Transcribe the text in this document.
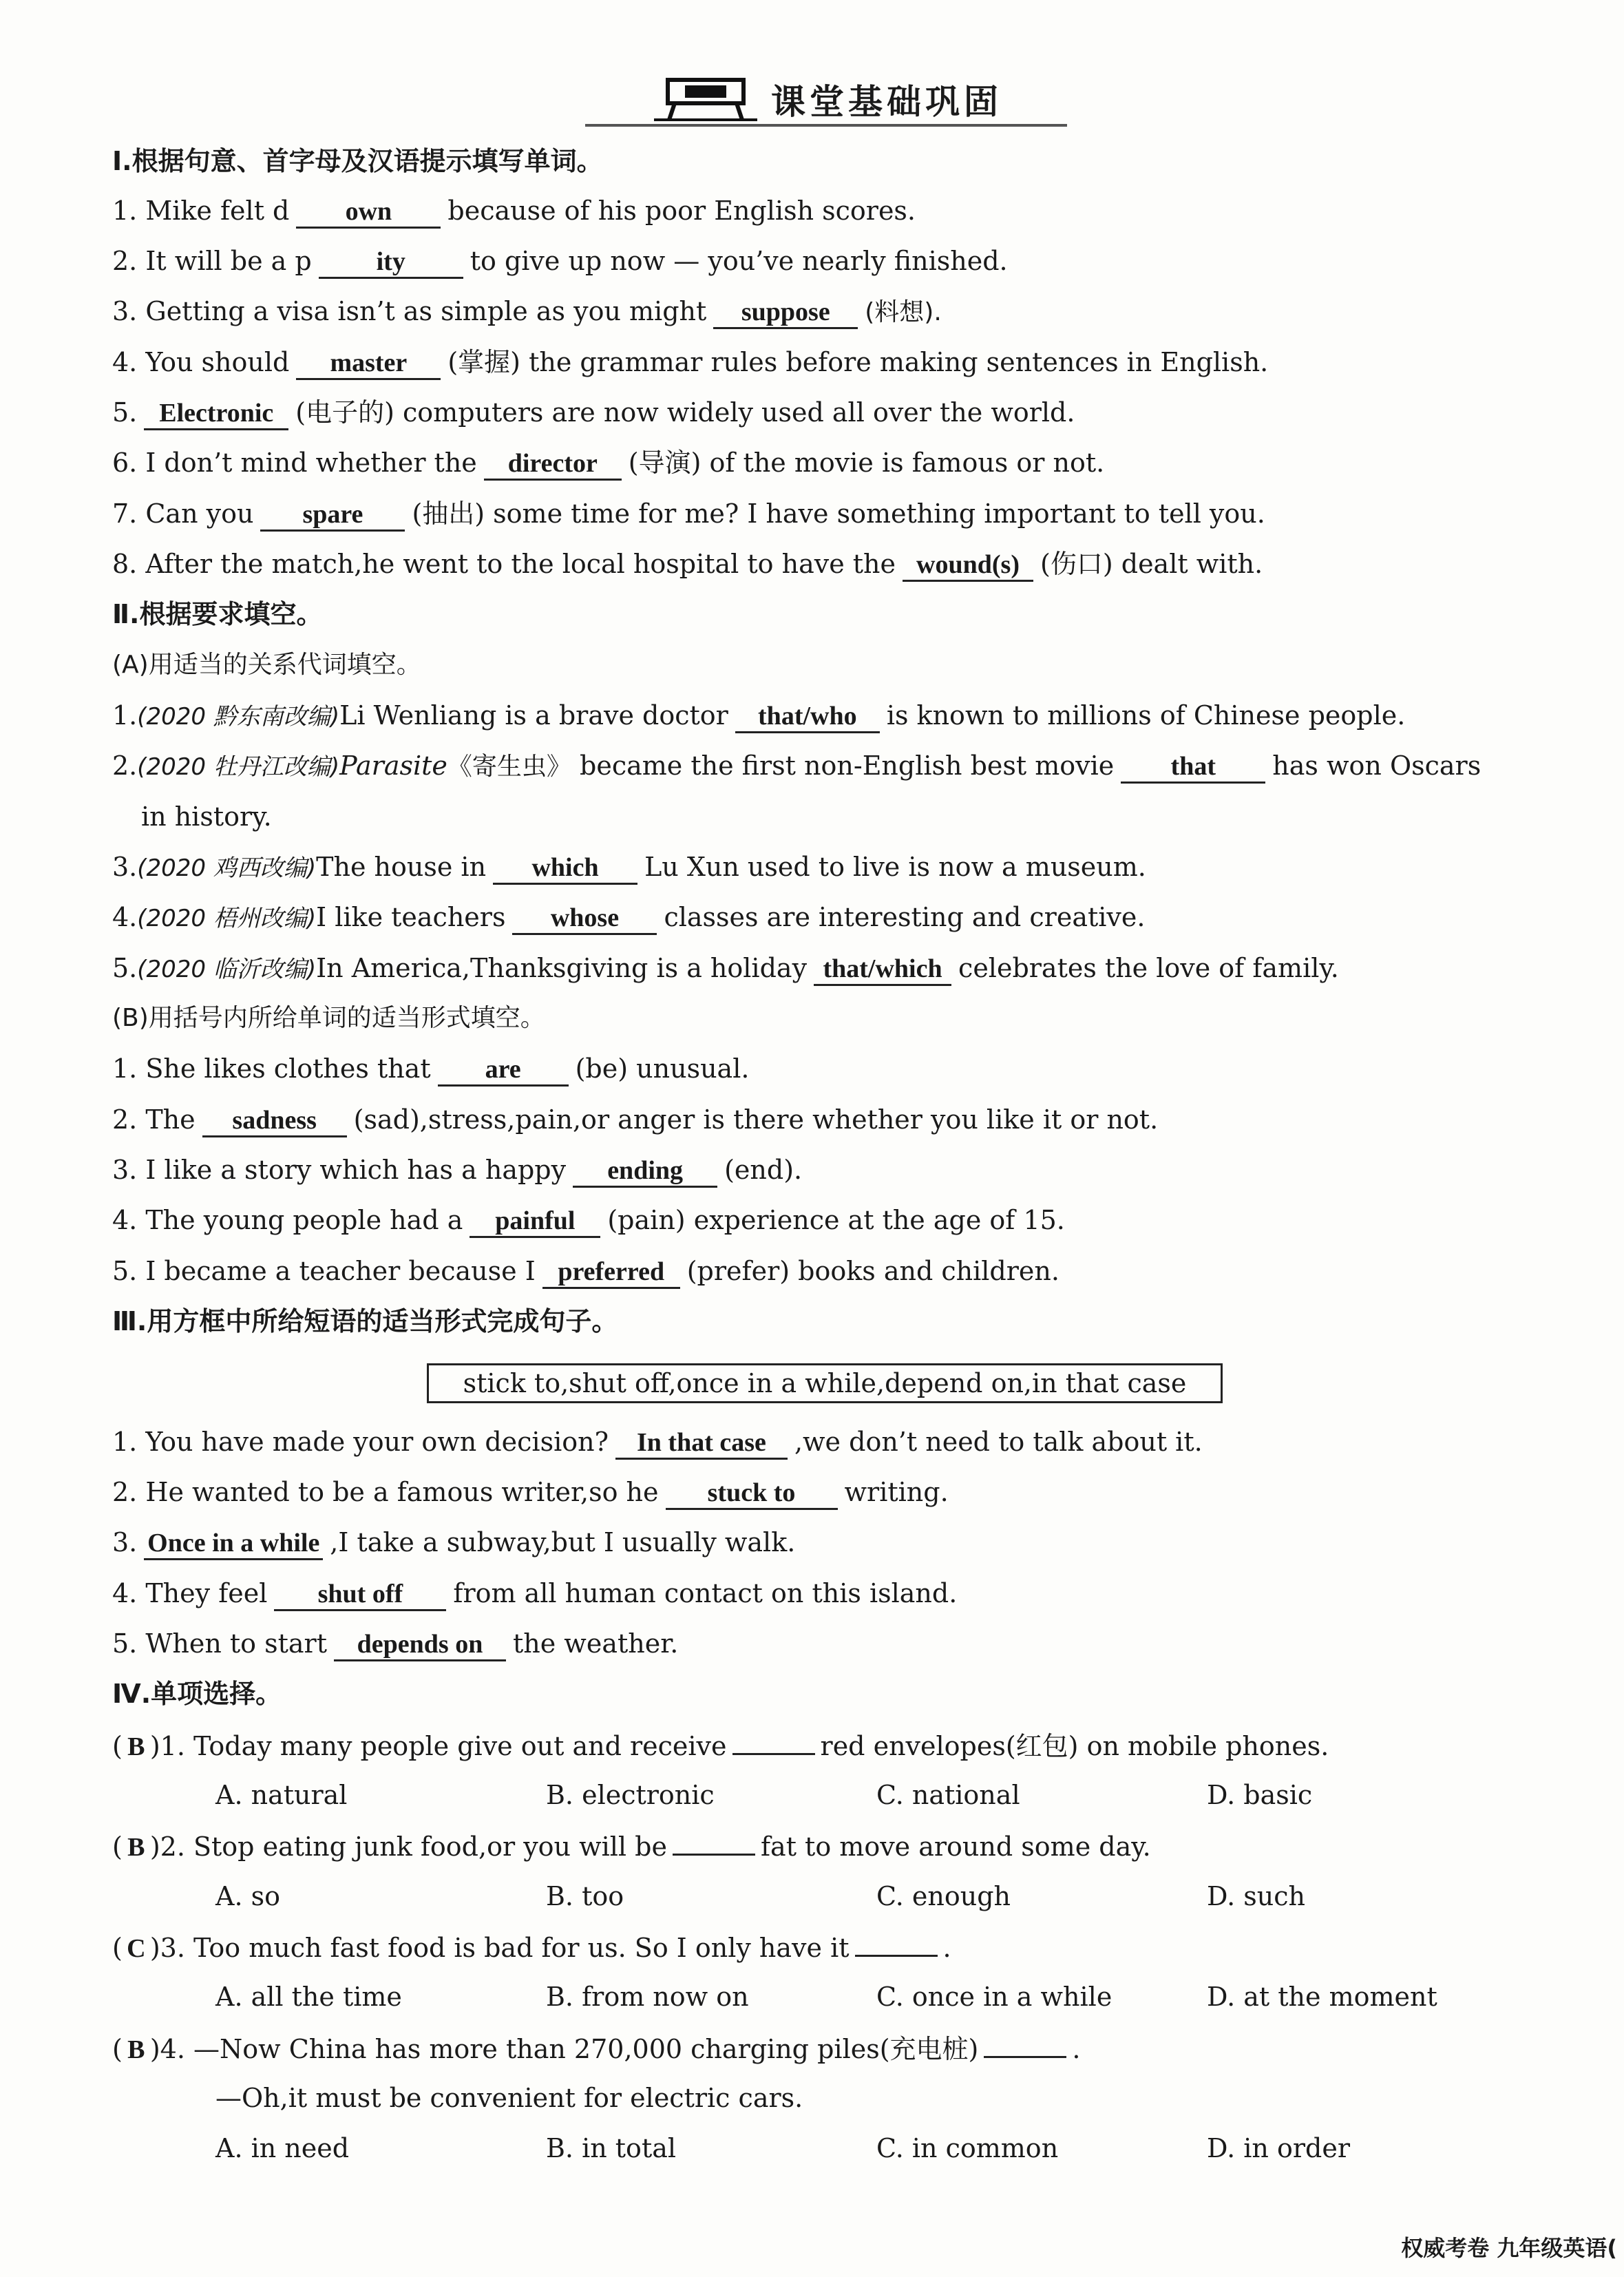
课堂基础巩固
Ⅰ.根据句意、首字母及汉语提示填写单词。
1. Mike felt d own because of his poor English scores.
2. It will be a p ity to give up now — you’ve nearly finished.
3. Getting a visa isn’t as simple as you might suppose (料想).
4. You should master (掌握) the grammar rules before making sentences in English.
5. Electronic (电子的) computers are now widely used all over the world.
6. I don’t mind whether the director (导演) of the movie is famous or not.
7. Can you spare (抽出) some time for me? I have something important to tell you.
8. After the match,he went to the local hospital to have the wound(s) (伤口) dealt with.
Ⅱ.根据要求填空。
(A)用适当的关系代词填空。
1.(2020 黔东南改编)Li Wenliang is a brave doctor that/who is known to millions of Chinese people.
2.(2020 牡丹江改编)Parasite《寄生虫》 became the first non-English best movie that has won Oscars
in history.
3.(2020 鸡西改编)The house in which Lu Xun used to live is now a museum.
4.(2020 梧州改编)I like teachers whose classes are interesting and creative.
5.(2020 临沂改编)In America,Thanksgiving is a holiday that/which celebrates the love of family.
(B)用括号内所给单词的适当形式填空。
1. She likes clothes that are (be) unusual.
2. The sadness (sad),stress,pain,or anger is there whether you like it or not.
3. I like a story which has a happy ending (end).
4. The young people had a painful (pain) experience at the age of 15.
5. I became a teacher because I preferred (prefer) books and children.
Ⅲ.用方框中所给短语的适当形式完成句子。
stick to,shut off,once in a while,depend on,in that case
1. You have made your own decision? In that case ,we don’t need to talk about it.
2. He wanted to be a famous writer,so he stuck to writing.
3. Once in a while ,I take a subway,but I usually walk.
4. They feel shut off from all human contact on this island.
5. When to start depends on the weather.
Ⅳ.单项选择。
( B )1. Today many people give out and receive	red envelopes(红包) on mobile phones.
A. natural	B. electronic	C. national	D. basic
( B )2. Stop eating junk food,or you will be	fat to move around some day.
A. so	B. too	C. enough	D. such
( C )3. Too much fast food is bad for us. So I only have it	.
A. all the time	B. from now on	C. once in a while	D. at the moment
( B )4. —Now China has more than 270,000 charging piles(充电桩)	.
—Oh,it must be convenient for electric cars.
A. in need	B. in total	C. in common	D. in order
权威考卷 九年级英语(
